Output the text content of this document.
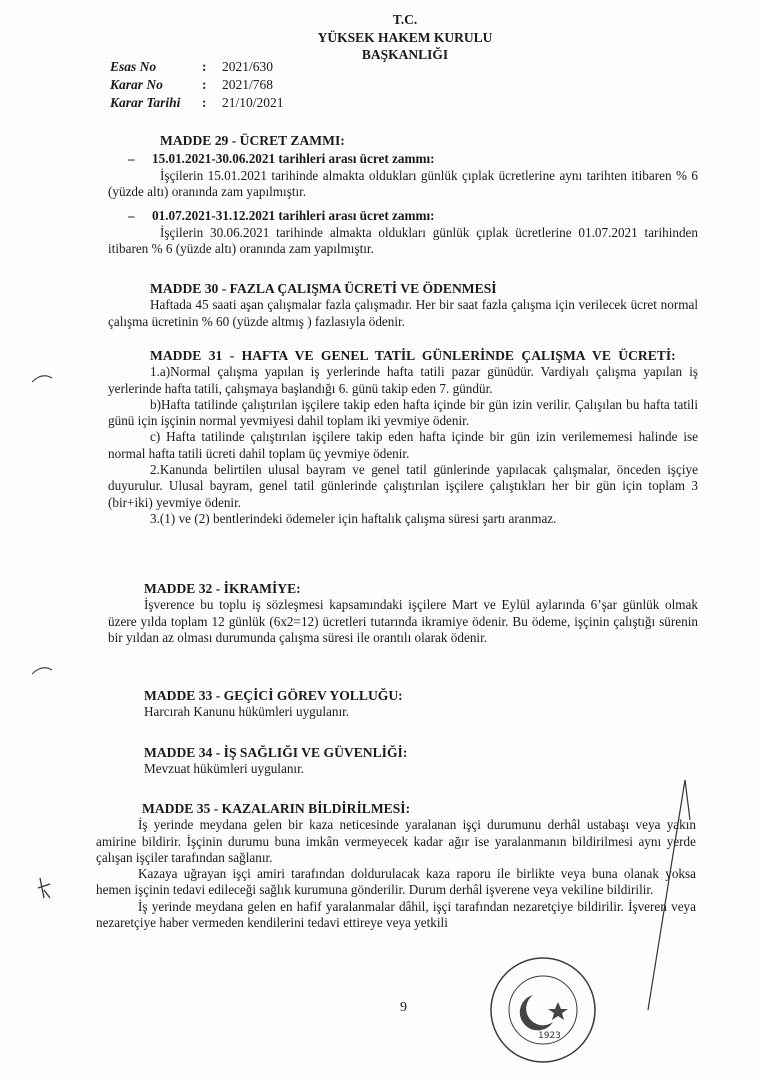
T.C.
YÜKSEK HAKEM KURULU
BAŞKANLIĞI
Esas No	:	2021/630
Karar No	:	2021/768
Karar Tarihi	:	21/10/2021
MADDE 29 - ÜCRET ZAMMI:
– 15.01.2021-30.06.2021 tarihleri arası ücret zammı:
İşçilerin 15.01.2021 tarihinde almakta oldukları günlük çıplak ücretlerine aynı tarihten itibaren % 6 (yüzde altı) oranında zam yapılmıştır.
– 01.07.2021-31.12.2021 tarihleri arası ücret zammı:
İşçilerin 30.06.2021 tarihinde almakta oldukları günlük çıplak ücretlerine 01.07.2021 tarihinden itibaren % 6 (yüzde altı) oranında zam yapılmıştır.
MADDE 30 - FAZLA ÇALIŞMA ÜCRETİ VE ÖDENMESİ
Haftada 45 saati aşan çalışmalar fazla çalışmadır. Her bir saat fazla çalışma için verilecek ücret normal çalışma ücretinin % 60 (yüzde altmış ) fazlasıyla ödenir.
MADDE 31 - HAFTA VE GENEL TATİL GÜNLERİNDE ÇALIŞMA VE ÜCRETİ:
1.a)Normal çalışma yapılan iş yerlerinde hafta tatili pazar günüdür. Vardiyalı çalışma yapılan iş yerlerinde hafta tatili, çalışmaya başlandığı 6. günü takip eden 7. gündür.
b)Hafta tatilinde çalıştırılan işçilere takip eden hafta içinde bir gün izin verilir. Çalışılan bu hafta tatili günü için işçinin normal yevmiyesi dahil toplam iki yevmiye ödenir.
c) Hafta tatilinde çalıştırılan işçilere takip eden hafta içinde bir gün izin verilememesi halinde ise normal hafta tatili ücreti dahil toplam üç yevmiye ödenir.
2.Kanunda belirtilen ulusal bayram ve genel tatil günlerinde yapılacak çalışmalar, önceden işçiye duyurulur. Ulusal bayram, genel tatil günlerinde çalıştırılan işçilere çalıştıkları her bir gün için toplam 3 (bir+iki) yevmiye ödenir.
3.(1) ve (2) bentlerindeki ödemeler için haftalık çalışma süresi şartı aranmaz.
MADDE 32 - İKRAMİYE:
İşverence bu toplu iş sözleşmesi kapsamındaki işçilere Mart ve Eylül aylarında 6’şar günlük olmak üzere yılda toplam 12 günlük (6x2=12) ücretleri tutarında ikramiye ödenir. Bu ödeme, işçinin çalıştığı sürenin bir yıldan az olması durumunda çalışma süresi ile orantılı olarak ödenir.
MADDE 33 - GEÇİCİ GÖREV YOLLUĞU:
Harcırah Kanunu hükümleri uygulanır.
MADDE 34 - İŞ SAĞLIĞI VE GÜVENLİĞİ:
Mevzuat hükümleri uygulanır.
MADDE 35 - KAZALARIN BİLDİRİLMESİ:
İş yerinde meydana gelen bir kaza neticesinde yaralanan işçi durumunu derhâl ustabaşı veya yakın amirine bildirir. İşçinin durumu buna imkân vermeyecek kadar ağır ise yaralanmanın bildirilmesi aynı yerde çalışan işçiler tarafından sağlanır.
Kazaya uğrayan işçi amiri tarafından doldurulacak kaza raporu ile birlikte veya buna olanak yoksa hemen işçinin tedavi edileceği sağlık kurumuna gönderilir. Durum derhâl işverene veya vekiline bildirilir.
İş yerinde meydana gelen en hafif yaralanmalar dâhil, işçi tarafından nezaretçiye bildirilir. İşveren veya nezaretçiye haber vermeden kendilerini tedavi ettireye veya yetkili
9
1923
